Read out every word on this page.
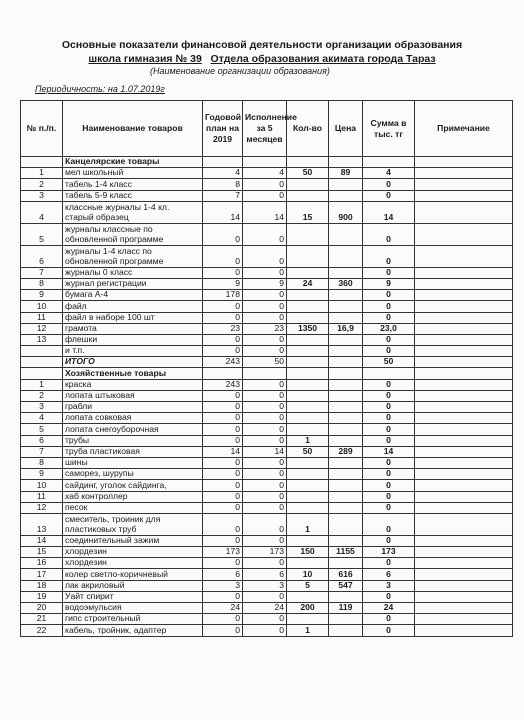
Основные показатели финансовой деятельности организации образования
школа гимназия № 39 Отдела образования акимата города Тараз
(Наименование организации образования)
Периодичность: на 1.07.2019г
№ п./п.	Наименование товаров	Годовой план на 2019	Исполнение за 5 месяцев	Кол-во	Цена	Сумма в тыс. тг	Примечание
	Канцелярские товары						
1	мел школьный	4	4	50	89	4	
2	табель 1-4 класс	8	0			0	
3	табель 5-9 класс	7	0			0	
4	классные журналы 1-4 кл. старый образец	14	14	15	900	14	
5	журналы классные по обновленной программе	0	0			0	
6	журналы 1-4 класс по обновленной программе	0	0			0	
7	журналы 0 класс	0	0			0	
8	журнал регистрации	9	9	24	360	9	
9	бумага А-4	178	0			0	
10	файл	0	0			0	
11	файл в наборе 100 шт	0	0			0	
12	грамота	23	23	1350	16,9	23,0	
13	флешки	0	0			0	
	и т.п.	0	0			0	
	ИТОГО	243	50			50	
	Хозяйственные товары						
1	краска	243	0			0	
2	лопата штыковая	0	0			0	
3	грабли	0	0			0	
4	лопата совковая	0	0			0	
5	лопата снегоуборочная	0	0			0	
6	трубы	0	0	1		0	
7	труба пластиковая	14	14	50	289	14	
8	шины	0	0			0	
9	саморез, шурупы	0	0			0	
10	сайдинг, уголок сайдинга,	0	0			0	
11	хаб контроллер	0	0			0	
12	песок	0	0			0	
13	смеситель, троиник для пластиковых труб	0	0	1		0	
14	соединительный зажим	0	0			0	
15	хлордезин	173	173	150	1155	173	
16	хлордезин	0	0			0	
17	колер светло-коричневый	6	6	10	616	6	
18	лак акриловый	3	3	5	547	3	
19	Уайт спирит	0	0			0	
20	водоэмульсия	24	24	200	119	24	
21	гипс строительный	0	0			0	
22	кабель, тройник, адаптер	0	0	1		0	
